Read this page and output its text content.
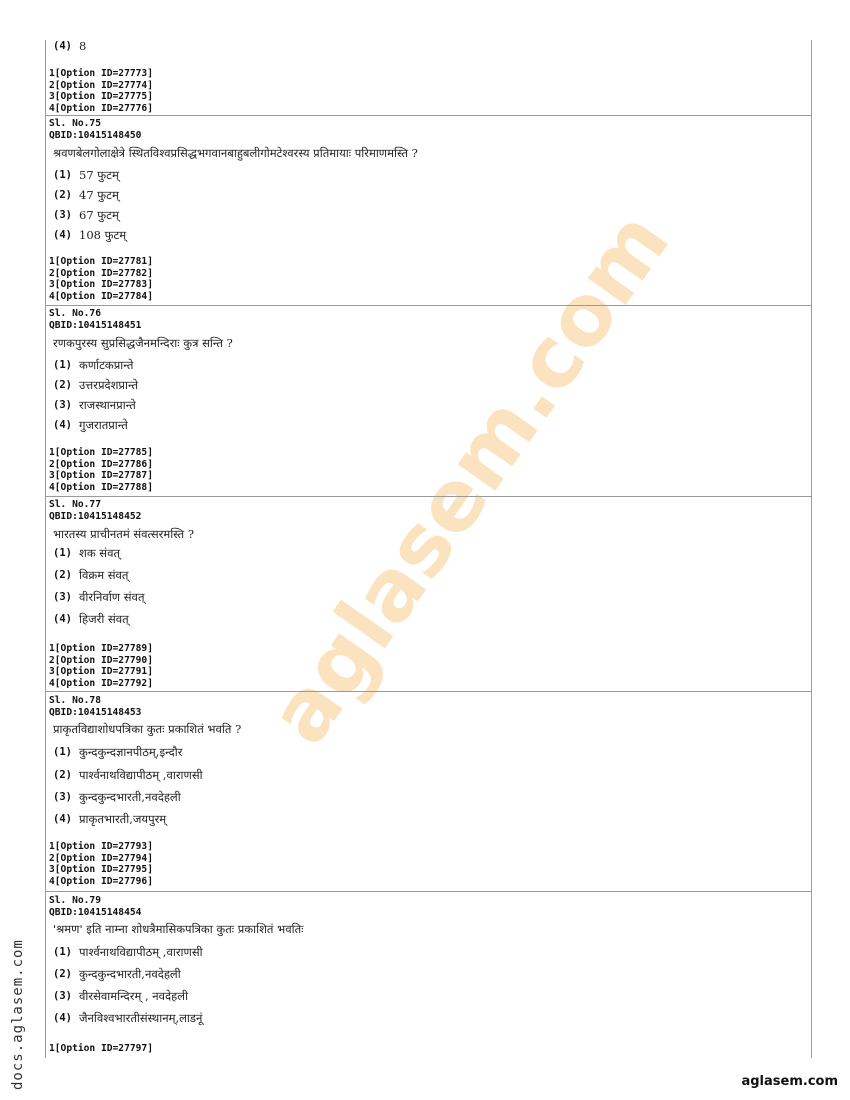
aglasem.com
(4) 8
1[Option ID=27773]
2[Option ID=27774]
3[Option ID=27775]
4[Option ID=27776]
Sl. No.75
QBID:10415148450
श्रवणबेलगोलाक्षेत्रे स्थितविश्वप्रसिद्धभगवानबाहुबलीगोमटेश्वरस्य प्रतिमायाः परिमाणमस्ति ?
(1) 57 फुटम्
(2) 47 फुटम्
(3) 67 फुटम्
(4) 108 फुटम्
1[Option ID=27781]
2[Option ID=27782]
3[Option ID=27783]
4[Option ID=27784]
Sl. No.76
QBID:10415148451
रणकपुरस्य सुप्रसिद्धजैनमन्दिराः कुत्र सन्ति ?
(1) कर्णाटकप्रान्ते
(2) उत्तरप्रदेशप्रान्ते
(3) राजस्थानप्रान्ते
(4) गुजरातप्रान्ते
1[Option ID=27785]
2[Option ID=27786]
3[Option ID=27787]
4[Option ID=27788]
Sl. No.77
QBID:10415148452
भारतस्य प्राचीनतमं संवत्सरमस्ति ?
(1) शक संवत्
(2) विक्रम संवत्
(3) वीरनिर्वाण संवत्
(4) हिजरी संवत्
1[Option ID=27789]
2[Option ID=27790]
3[Option ID=27791]
4[Option ID=27792]
Sl. No.78
QBID:10415148453
प्राकृतविद्याशोधपत्रिका कुतः प्रकाशितं भवति ?
(1) कुन्दकुन्दज्ञानपीठम्,इन्दौर
(2) पार्श्वनाथविद्यापीठम् ,वाराणसी
(3) कुन्दकुन्दभारती,नवदेहली
(4) प्राकृतभारती,जयपुरम्
1[Option ID=27793]
2[Option ID=27794]
3[Option ID=27795]
4[Option ID=27796]
Sl. No.79
QBID:10415148454
'श्रमण' इति नाम्ना शोधत्रैमासिकपत्रिका कुतः प्रकाशितं भवतिः
(1) पार्श्वनाथविद्यापीठम् ,वाराणसी
(2) कुन्दकुन्दभारती,नवदेहली
(3) वीरसेवामन्दिरम् , नवदेहली
(4) जैनविश्वभारतीसंस्थानम्,लाडनूं
1[Option ID=27797]
docs.aglasem.com	aglasem.com
